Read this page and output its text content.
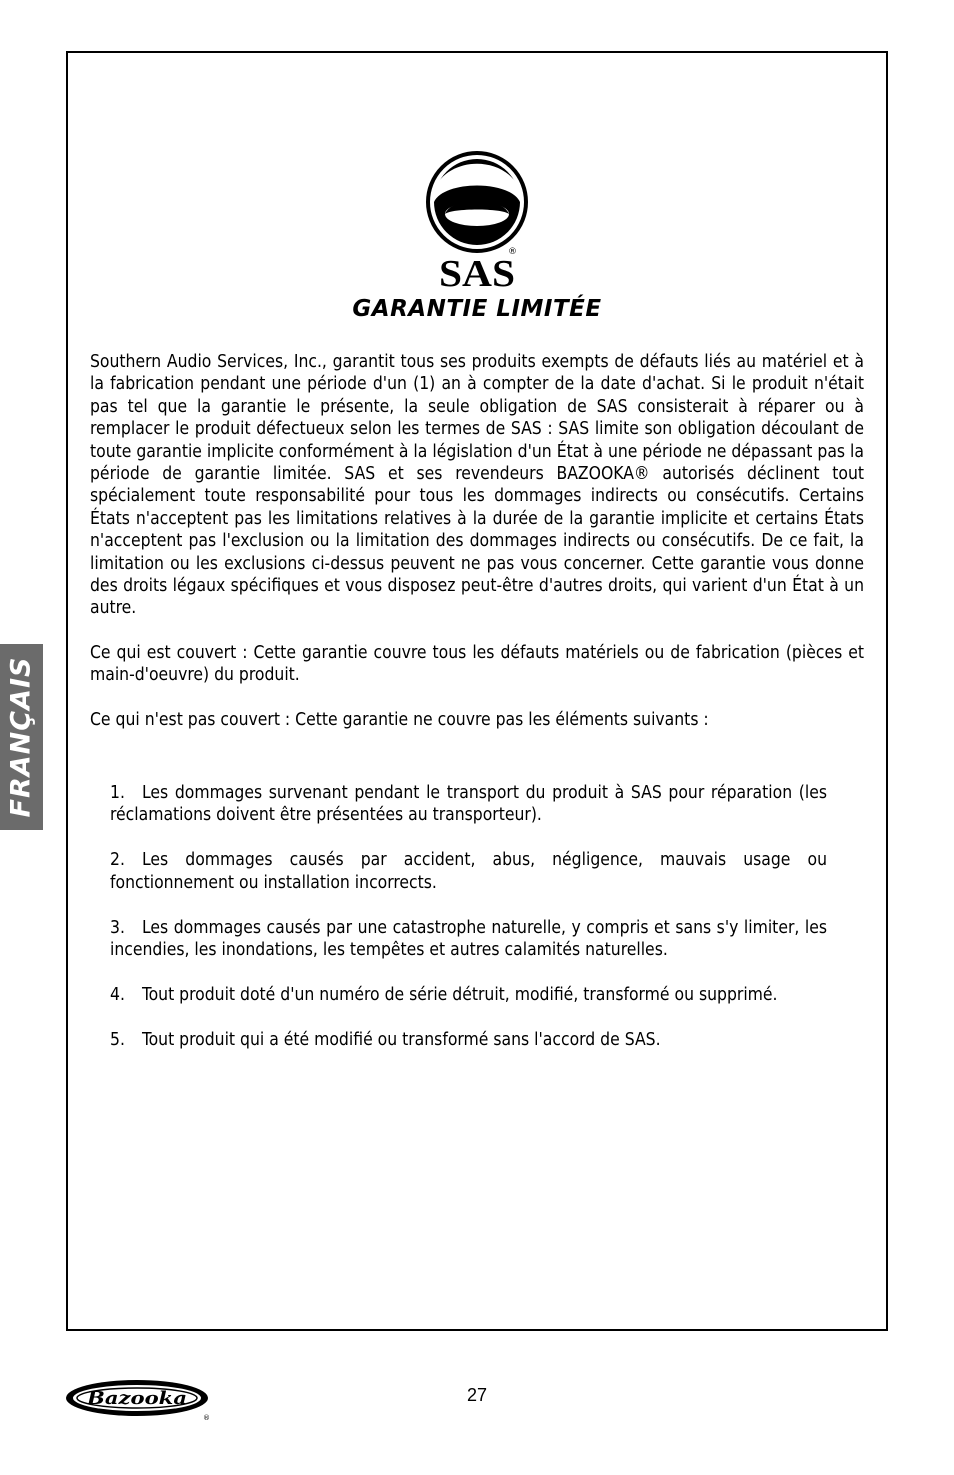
®
SAS
GARANTIE LIMITÉE

Southern Audio Services, Inc., garantit tous ses produits exempts de défauts liés au matériel et à la fabrication pendant une période d'un (1) an à compter de la date d'achat. Si le produit n'était pas tel que la garantie le présente, la seule obligation de SAS consisterait à réparer ou à remplacer le produit défectueux selon les termes de SAS : SAS limite son obligation découlant de toute garantie implicite conformément à la législation d'un État à une période ne dépassant pas la période de garantie limitée. SAS et ses revendeurs BAZOOKA® autorisés déclinent tout spécialement toute responsabilité pour tous les dommages indirects ou consécutifs. Certains États n'acceptent pas les limitations relatives à la durée de la garantie implicite et certains États n'acceptent pas l'exclusion ou la limitation des dommages indirects ou consécutifs. De ce fait, la limitation ou les exclusions ci-dessus peuvent ne pas vous concerner. Cette garantie vous donne des droits légaux spécifiques et vous disposez peut-être d'autres droits, qui varient d'un État à un autre.

Ce qui est couvert : Cette garantie couvre tous les défauts matériels ou de fabrication (pièces et main-d'oeuvre) du produit.

Ce qui n'est pas couvert : Cette garantie ne couvre pas les éléments suivants :

1. Les dommages survenant pendant le transport du produit à SAS pour réparation (les réclamations doivent être présentées au transporteur).
2. Les dommages causés par accident, abus, négligence, mauvais usage ou fonctionnement ou installation incorrects.
3. Les dommages causés par une catastrophe naturelle, y compris et sans s'y limiter, les incendies, les inondations, les tempêtes et autres calamités naturelles.
4. Tout produit doté d'un numéro de série détruit, modifié, transformé ou supprimé.
5. Tout produit qui a été modifié ou transformé sans l'accord de SAS.
FRANÇAIS
Bazooka
®
27
